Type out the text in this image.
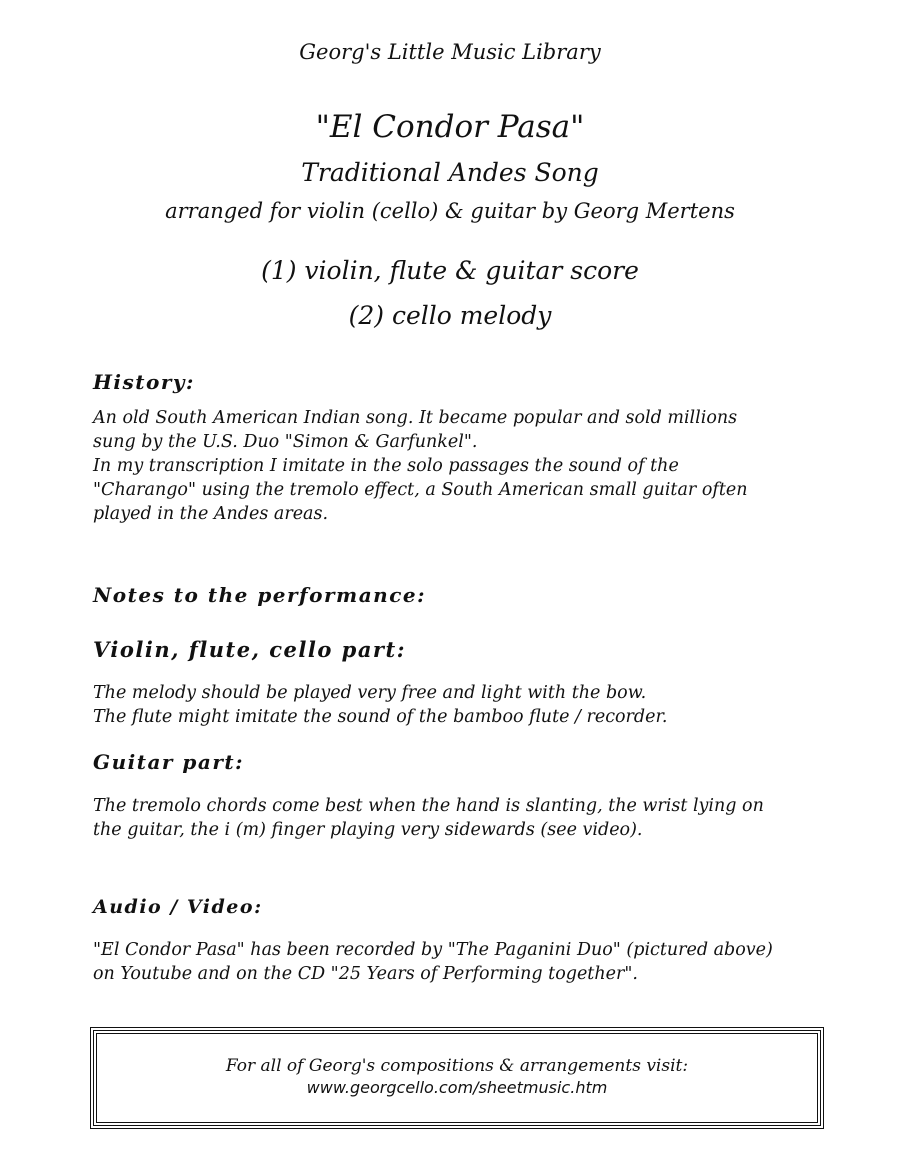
Georg's Little Music Library
"El Condor Pasa"
Traditional Andes Song
arranged for violin (cello) & guitar by Georg Mertens
(1) violin, flute & guitar score
(2) cello melody
History:
An old South American Indian song. It became popular and sold millions
sung by the U.S. Duo "Simon & Garfunkel".
In my transcription I imitate in the solo passages the sound of the
"Charango" using the tremolo effect, a South American small guitar often
played in the Andes areas.
Notes to the performance:
Violin, flute, cello part:
The melody should be played very free and light with the bow.
The flute might imitate the sound of the bamboo flute / recorder.
Guitar part:
The tremolo chords come best when the hand is slanting, the wrist lying on
the guitar, the i (m) finger playing very sidewards (see video).
Audio / Video:
"El Condor Pasa" has been recorded by "The Paganini Duo" (pictured above)
on Youtube and on the CD "25 Years of Performing together".
For all of Georg's compositions & arrangements visit:
www.georgcello.com/sheetmusic.htm
